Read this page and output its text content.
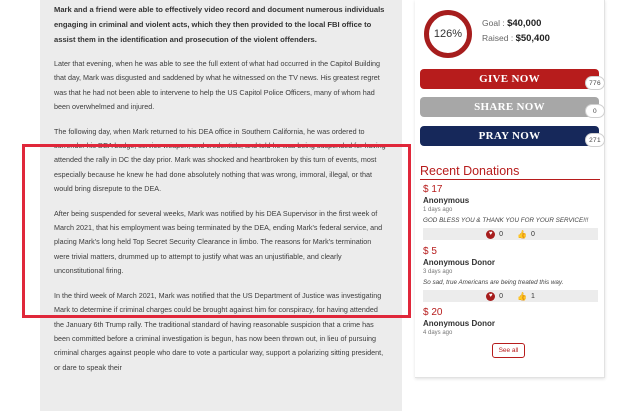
Mark and a friend were able to effectively video record and document numerous individuals engaging in criminal and violent acts, which they then provided to the local FBI office to assist them in the identification and prosecution of the violent offenders.

Later that evening, when he was able to see the full extent of what had occurred in the Capitol Building that day, Mark was disgusted and saddened by what he witnessed on the TV news. His greatest regret was that he had not been able to intervene to help the US Capitol Police Officers, many of whom had been overwhelmed and injured.

The following day, when Mark returned to his DEA office in Southern California, he was ordered to surrender his DEA badge, service weapon, and credentials, and told he was being suspended for having attended the rally in DC the day prior. Mark was shocked and heartbroken by this turn of events, most especially because he knew he had done absolutely nothing that was wrong, immoral, illegal, or that would bring disrepute to the DEA.

After being suspended for several weeks, Mark was notified by his DEA Supervisor in the first week of March 2021, that his employment was being terminated by the DEA, ending Mark's federal service, and placing Mark's long held Top Secret Security Clearance in limbo. The reasons for Mark's termination were trivial matters, drummed up to attempt to justify what was an unjustifiable, and clearly unconstitutional firing.

In the third week of March 2021, Mark was notified that the US Department of Justice was investigating Mark to determine if criminal charges could be brought against him for conspiracy, for having attended the January 6th Trump rally. The traditional standard of having reasonable suspicion that a crime has been committed before a criminal investigation is begun, has now been thrown out, in lieu of pursuing criminal charges against people who dare to vote a particular way, support a polarizing sitting president, or dare to speak their

126%
Goal : $40,000
Raised : $50,400
GIVE NOW	776
SHARE NOW	0
PRAY NOW	271
Recent Donations
$ 17
Anonymous
1 days ago
GOD BLESS YOU & THANK YOU FOR YOUR SERVICE!!!
♥ 0 👍 0
$ 5
Anonymous Donor
3 days ago
So sad, true Americans are being treated this way.
♥ 0 👍 1
$ 20
Anonymous Donor
4 days ago
See all
